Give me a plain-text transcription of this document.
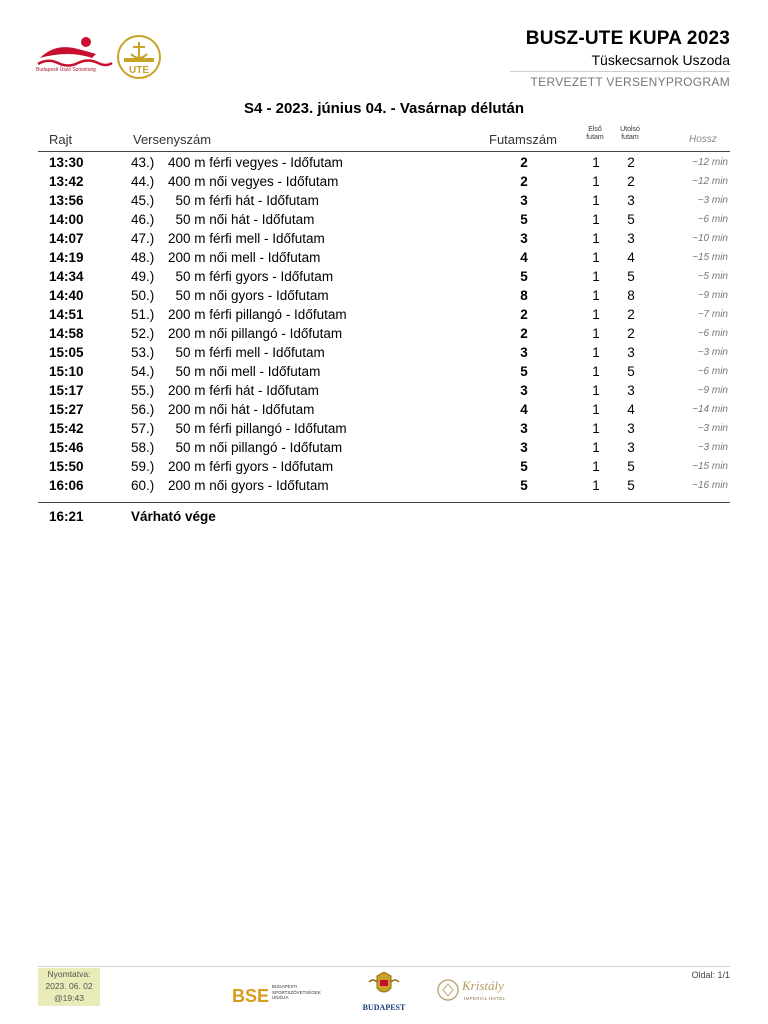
Budapesti Úszó Szövetség	UTE
BUSZ-UTE KUPA 2023
Tüskecsarnok Uszoda
TERVEZETT VERSENYPROGRAM
S4 - 2023. június 04. - Vasárnap délután
Rajt	Versenyszám	Futamszám
Első
futam
Utolsó
futam	Hossz
13:30	43.)	400 m férfi vegyes - Időfutam	2	1	2	~12 min
13:42	44.)	400 m női vegyes - Időfutam	2	1	2	~12 min
13:56	45.)	50 m férfi hát - Időfutam	3	1	3	~3 min
14:00	46.)	50 m női hát - Időfutam	5	1	5	~6 min
14:07	47.)	200 m férfi mell - Időfutam	3	1	3	~10 min
14:19	48.)	200 m női mell - Időfutam	4	1	4	~15 min
14:34	49.)	50 m férfi gyors - Időfutam	5	1	5	~5 min
14:40	50.)	50 m női gyors - Időfutam	8	1	8	~9 min
14:51	51.)	200 m férfi pillangó - Időfutam	2	1	2	~7 min
14:58	52.)	200 m női pillangó - Időfutam	2	1	2	~6 min
15:05	53.)	50 m férfi mell - Időfutam	3	1	3	~3 min
15:10	54.)	50 m női mell - Időfutam	5	1	5	~6 min
15:17	55.)	200 m férfi hát - Időfutam	3	1	3	~9 min
15:27	56.)	200 m női hát - Időfutam	4	1	4	~14 min
15:42	57.)	50 m férfi pillangó - Időfutam	3	1	3	~3 min
15:46	58.)	50 m női pillangó - Időfutam	3	1	3	~3 min
15:50	59.)	200 m férfi gyors - Időfutam	5	1	5	~15 min
16:06	60.)	200 m női gyors - Időfutam	5	1	5	~16 min
16:21	Várható vége
Nyomtatva:
2023. 06. 02
@19:43
Oldal: 1/1
BSE BUDAPESTI
SPORTSZÖVETSÉGEK
UNIÓJA
BUDAPEST
Kristály
IMPERIAL HOTEL
